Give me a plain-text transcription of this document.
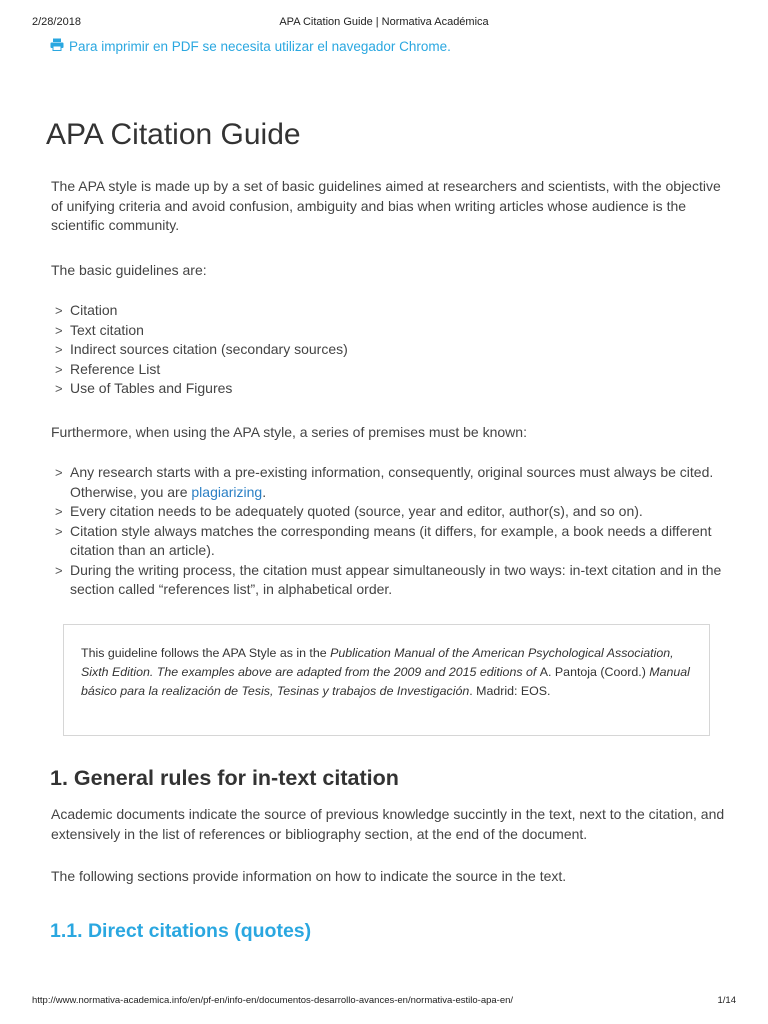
2/28/2018	APA Citation Guide | Normativa Académica
Para imprimir en PDF se necesita utilizar el navegador Chrome.
APA Citation Guide

The APA style is made up by a set of basic guidelines aimed at researchers and scientists, with the objective of unifying criteria and avoid confusion, ambiguity and bias when writing articles whose audience is the scientific community.

The basic guidelines are:

> Citation
> Text citation
> Indirect sources citation (secondary sources)
> Reference List
> Use of Tables and Figures

Furthermore, when using the APA style, a series of premises must be known:

> Any research starts with a pre-existing information, consequently, original sources must always be cited. Otherwise, you are plagiarizing.
> Every citation needs to be adequately quoted (source, year and editor, author(s), and so on).
> Citation style always matches the corresponding means (it differs, for example, a book needs a different citation than an article).
> During the writing process, the citation must appear simultaneously in two ways: in-text citation and in the section called “references list”, in alphabetical order.
This guideline follows the APA Style as in the Publication Manual of the American Psychological Association, Sixth Edition. The examples above are adapted from the 2009 and 2015 editions of A. Pantoja (Coord.) Manual básico para la realización de Tesis, Tesinas y trabajos de Investigación. Madrid: EOS.
1. General rules for in-text citation

Academic documents indicate the source of previous knowledge succintly in the text, next to the citation, and extensively in the list of references or bibliography section, at the end of the document.

The following sections provide information on how to indicate the source in the text.

1.1. Direct citations (quotes)
http://www.normativa-academica.info/en/pf-en/info-en/documentos-desarrollo-avances-en/normativa-estilo-apa-en/	1/14
